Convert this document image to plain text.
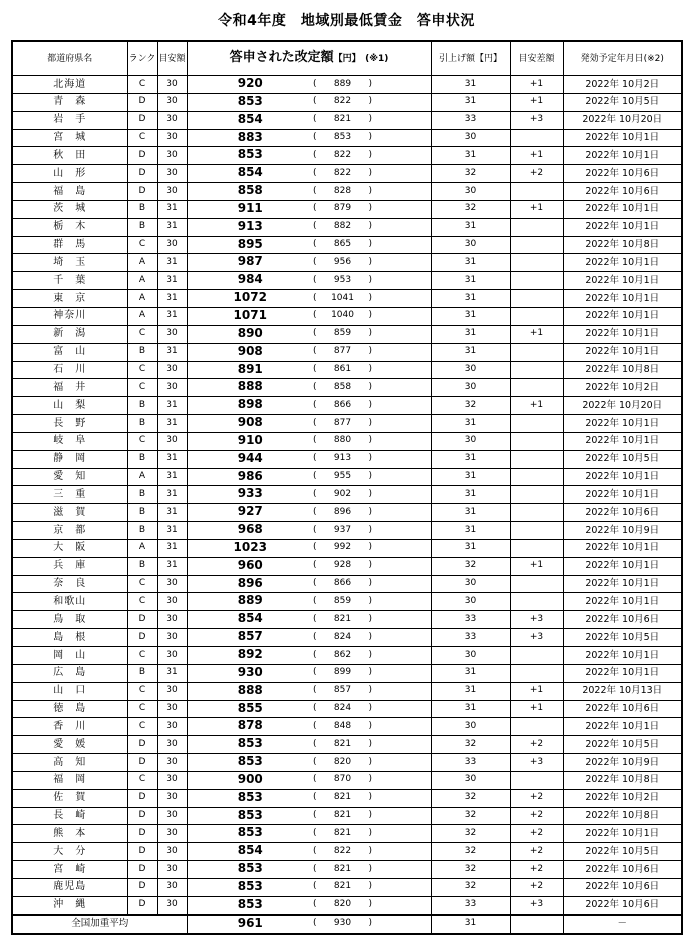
令和4年度　地域別最低賃金　答申状況
都道府県名	ランク	目安額	答申された改定額【円】 (※1)		引上げ額【円】	目安差額	発効予定年月日(※2)
北海道	C	30	920	( 889 )	31	+1	2022年 10月2日
青　森	D	30	853	( 822 )	31	+1	2022年 10月5日
岩　手	D	30	854	( 821 )	33	+3	2022年 10月20日
宮　城	C	30	883	( 853 )	30		2022年 10月1日
秋　田	D	30	853	( 822 )	31	+1	2022年 10月1日
山　形	D	30	854	( 822 )	32	+2	2022年 10月6日
福　島	D	30	858	( 828 )	30		2022年 10月6日
茨　城	B	31	911	( 879 )	32	+1	2022年 10月1日
栃　木	B	31	913	( 882 )	31		2022年 10月1日
群　馬	C	30	895	( 865 )	30		2022年 10月8日
埼　玉	A	31	987	( 956 )	31		2022年 10月1日
千　葉	A	31	984	( 953 )	31		2022年 10月1日
東　京	A	31	1072	( 1041 )	31		2022年 10月1日
神奈川	A	31	1071	( 1040 )	31		2022年 10月1日
新　潟	C	30	890	( 859 )	31	+1	2022年 10月1日
富　山	B	31	908	( 877 )	31		2022年 10月1日
石　川	C	30	891	( 861 )	30		2022年 10月8日
福　井	C	30	888	( 858 )	30		2022年 10月2日
山　梨	B	31	898	( 866 )	32	+1	2022年 10月20日
長　野	B	31	908	( 877 )	31		2022年 10月1日
岐　阜	C	30	910	( 880 )	30		2022年 10月1日
静　岡	B	31	944	( 913 )	31		2022年 10月5日
愛　知	A	31	986	( 955 )	31		2022年 10月1日
三　重	B	31	933	( 902 )	31		2022年 10月1日
滋　賀	B	31	927	( 896 )	31		2022年 10月6日
京　都	B	31	968	( 937 )	31		2022年 10月9日
大　阪	A	31	1023	( 992 )	31		2022年 10月1日
兵　庫	B	31	960	( 928 )	32	+1	2022年 10月1日
奈　良	C	30	896	( 866 )	30		2022年 10月1日
和歌山	C	30	889	( 859 )	30		2022年 10月1日
鳥　取	D	30	854	( 821 )	33	+3	2022年 10月6日
島　根	D	30	857	( 824 )	33	+3	2022年 10月5日
岡　山	C	30	892	( 862 )	30		2022年 10月1日
広　島	B	31	930	( 899 )	31		2022年 10月1日
山　口	C	30	888	( 857 )	31	+1	2022年 10月13日
徳　島	C	30	855	( 824 )	31	+1	2022年 10月6日
香　川	C	30	878	( 848 )	30		2022年 10月1日
愛　媛	D	30	853	( 821 )	32	+2	2022年 10月5日
高　知	D	30	853	( 820 )	33	+3	2022年 10月9日
福　岡	C	30	900	( 870 )	30		2022年 10月8日
佐　賀	D	30	853	( 821 )	32	+2	2022年 10月2日
長　崎	D	30	853	( 821 )	32	+2	2022年 10月8日
熊　本	D	30	853	( 821 )	32	+2	2022年 10月1日
大　分	D	30	854	( 822 )	32	+2	2022年 10月5日
宮　崎	D	30	853	( 821 )	32	+2	2022年 10月6日
鹿児島	D	30	853	( 821 )	32	+2	2022年 10月6日
沖　縄	D	30	853	( 820 )	33	+3	2022年 10月6日
全国加重平均			961	( 930 )	31		－
